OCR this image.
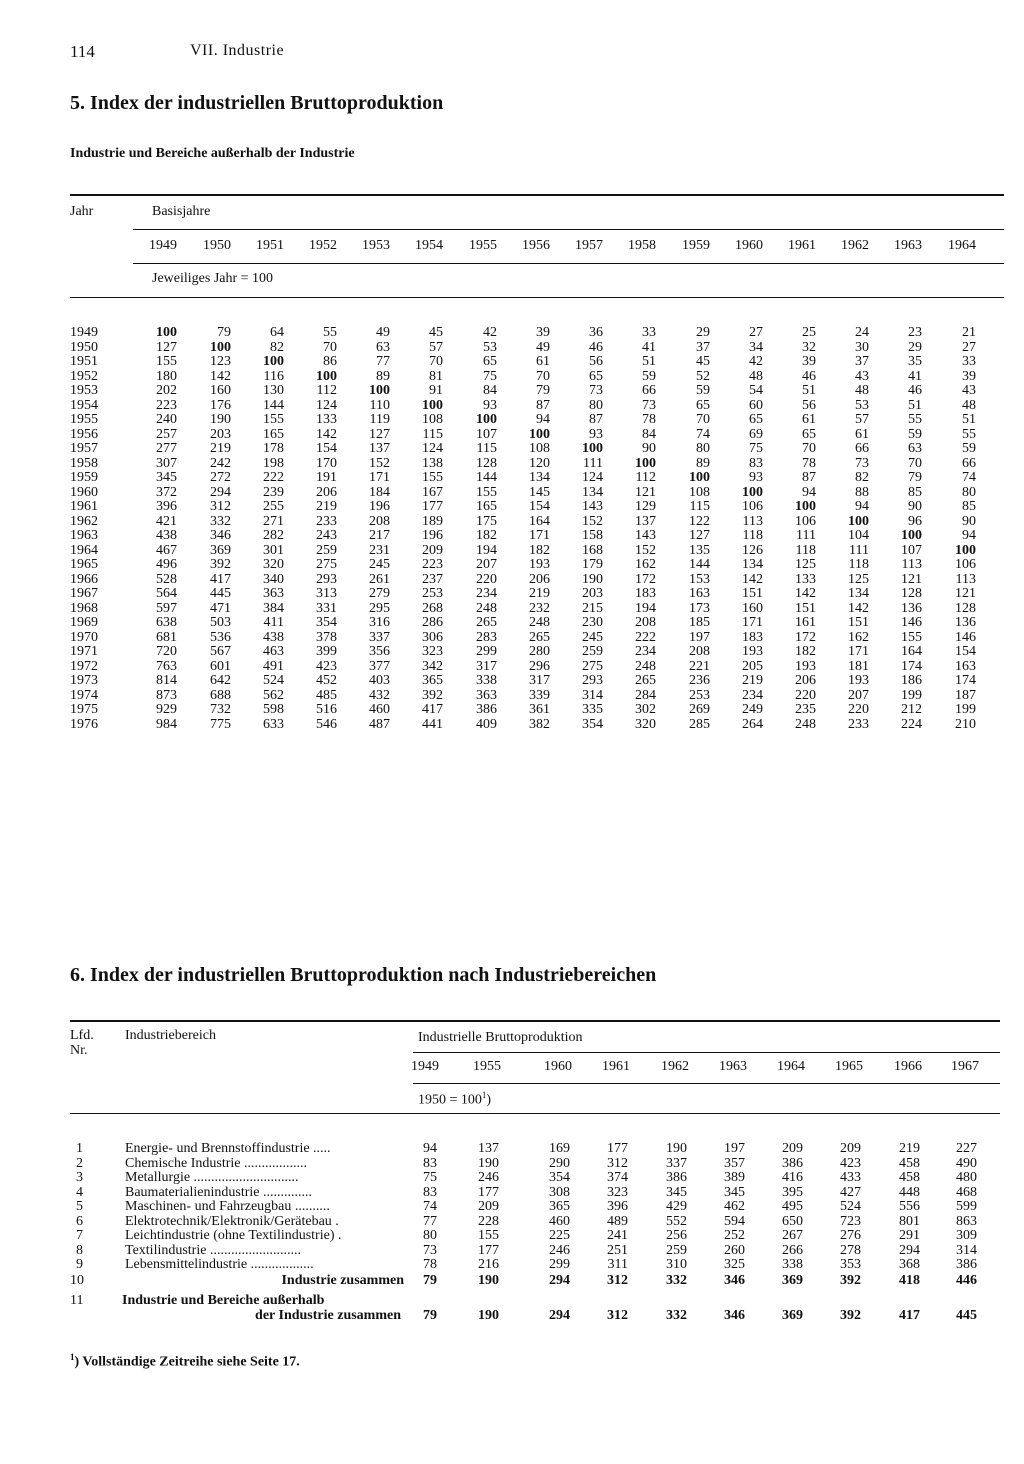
114	VII. Industrie
5. Index der industriellen Bruttoproduktion
Industrie und Bereiche außerhalb der Industrie
Jahr	Basisjahre
1949	1950	1951	1952	1953	1954	1955	1956	1957	1958	1959	1960	1961	1962	1963	1964
Jeweiliges Jahr = 100
1949	100	79	64	55	49	45	42	39	36	33	29	27	25	24	23	21
1950	127	100	82	70	63	57	53	49	46	41	37	34	32	30	29	27
1951	155	123	100	86	77	70	65	61	56	51	45	42	39	37	35	33
1952	180	142	116	100	89	81	75	70	65	59	52	48	46	43	41	39
1953	202	160	130	112	100	91	84	79	73	66	59	54	51	48	46	43
1954	223	176	144	124	110	100	93	87	80	73	65	60	56	53	51	48
1955	240	190	155	133	119	108	100	94	87	78	70	65	61	57	55	51
1956	257	203	165	142	127	115	107	100	93	84	74	69	65	61	59	55
1957	277	219	178	154	137	124	115	108	100	90	80	75	70	66	63	59
1958	307	242	198	170	152	138	128	120	111	100	89	83	78	73	70	66
1959	345	272	222	191	171	155	144	134	124	112	100	93	87	82	79	74
1960	372	294	239	206	184	167	155	145	134	121	108	100	94	88	85	80
1961	396	312	255	219	196	177	165	154	143	129	115	106	100	94	90	85
1962	421	332	271	233	208	189	175	164	152	137	122	113	106	100	96	90
1963	438	346	282	243	217	196	182	171	158	143	127	118	111	104	100	94
1964	467	369	301	259	231	209	194	182	168	152	135	126	118	111	107	100
1965	496	392	320	275	245	223	207	193	179	162	144	134	125	118	113	106
1966	528	417	340	293	261	237	220	206	190	172	153	142	133	125	121	113
1967	564	445	363	313	279	253	234	219	203	183	163	151	142	134	128	121
1968	597	471	384	331	295	268	248	232	215	194	173	160	151	142	136	128
1969	638	503	411	354	316	286	265	248	230	208	185	171	161	151	146	136
1970	681	536	438	378	337	306	283	265	245	222	197	183	172	162	155	146
1971	720	567	463	399	356	323	299	280	259	234	208	193	182	171	164	154
1972	763	601	491	423	377	342	317	296	275	248	221	205	193	181	174	163
1973	814	642	524	452	403	365	338	317	293	265	236	219	206	193	186	174
1974	873	688	562	485	432	392	363	339	314	284	253	234	220	207	199	187
1975	929	732	598	516	460	417	386	361	335	302	269	249	235	220	212	199
1976	984	775	633	546	487	441	409	382	354	320	285	264	248	233	224	210
6. Index der industriellen Bruttoproduktion nach Industriebereichen
Lfd.
Nr.
Industriebereich	Industrielle Bruttoproduktion
1949	1955	1960	1961	1962	1963	1964	1965	1966	1967
$1950 = 100^1$)
1	Energie- und Brennstoffindustrie .....	94	137	169	177	190	197	209	209	219	227
2	Chemische Industrie ..................	83	190	290	312	337	357	386	423	458	490
3	Metallurgie ..............................	75	246	354	374	386	389	416	433	458	480
4	Baumaterialienindustrie ..............	83	177	308	323	345	345	395	427	448	468
5	Maschinen- und Fahrzeugbau ..........	74	209	365	396	429	462	495	524	556	599
6	Elektrotechnik/Elektronik/Gerätebau .	77	228	460	489	552	594	650	723	801	863
7	Leichtindustrie (ohne Textilindustrie) .	80	155	225	241	256	252	267	276	291	309
8	Textilindustrie ..........................	73	177	246	251	259	260	266	278	294	314
9	Lebensmittelindustrie ..................	78	216	299	311	310	325	338	353	368	386
10	Industrie zusammen	79	190	294	312	332	346	369	392	418	446
11	Industrie und Bereiche außerhalb
der Industrie zusammen	79	190	294	312	332	346	369	392	417	445
$^1$) Vollständige Zeitreihe siehe Seite 17.
